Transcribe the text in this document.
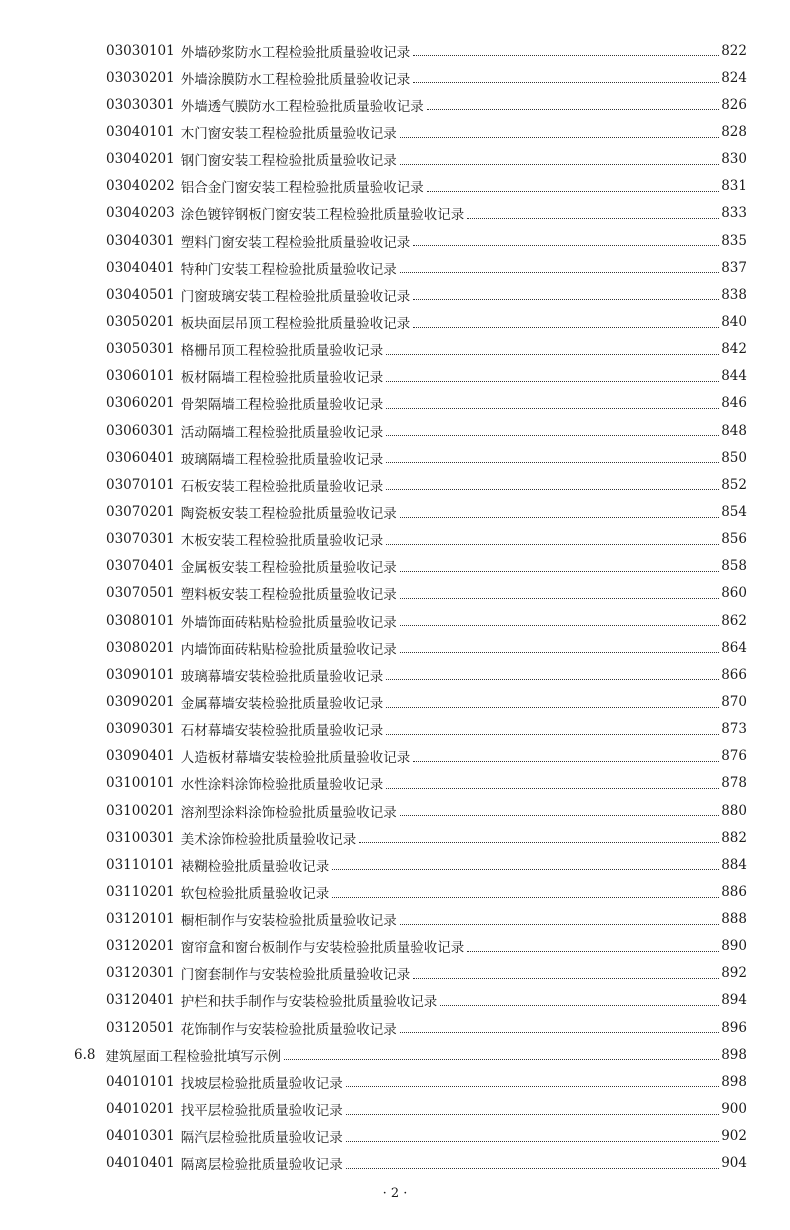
03030101 外墙砂浆防水工程检验批质量验收记录	822
03030201 外墙涂膜防水工程检验批质量验收记录	824
03030301 外墙透气膜防水工程检验批质量验收记录	826
03040101 木门窗安装工程检验批质量验收记录	828
03040201 钢门窗安装工程检验批质量验收记录	830
03040202 铝合金门窗安装工程检验批质量验收记录	831
03040203 涂色镀锌钢板门窗安装工程检验批质量验收记录	833
03040301 塑料门窗安装工程检验批质量验收记录	835
03040401 特种门安装工程检验批质量验收记录	837
03040501 门窗玻璃安装工程检验批质量验收记录	838
03050201 板块面层吊顶工程检验批质量验收记录	840
03050301 格栅吊顶工程检验批质量验收记录	842
03060101 板材隔墙工程检验批质量验收记录	844
03060201 骨架隔墙工程检验批质量验收记录	846
03060301 活动隔墙工程检验批质量验收记录	848
03060401 玻璃隔墙工程检验批质量验收记录	850
03070101 石板安装工程检验批质量验收记录	852
03070201 陶瓷板安装工程检验批质量验收记录	854
03070301 木板安装工程检验批质量验收记录	856
03070401 金属板安装工程检验批质量验收记录	858
03070501 塑料板安装工程检验批质量验收记录	860
03080101 外墙饰面砖粘贴检验批质量验收记录	862
03080201 内墙饰面砖粘贴检验批质量验收记录	864
03090101 玻璃幕墙安装检验批质量验收记录	866
03090201 金属幕墙安装检验批质量验收记录	870
03090301 石材幕墙安装检验批质量验收记录	873
03090401 人造板材幕墙安装检验批质量验收记录	876
03100101 水性涂料涂饰检验批质量验收记录	878
03100201 溶剂型涂料涂饰检验批质量验收记录	880
03100301 美术涂饰检验批质量验收记录	882
03110101 裱糊检验批质量验收记录	884
03110201 软包检验批质量验收记录	886
03120101 橱柜制作与安装检验批质量验收记录	888
03120201 窗帘盒和窗台板制作与安装检验批质量验收记录	890
03120301 门窗套制作与安装检验批质量验收记录	892
03120401 护栏和扶手制作与安装检验批质量验收记录	894
03120501 花饰制作与安装检验批质量验收记录	896
6.8 建筑屋面工程检验批填写示例	898
04010101 找坡层检验批质量验收记录	898
04010201 找平层检验批质量验收记录	900
04010301 隔汽层检验批质量验收记录	902
04010401 隔离层检验批质量验收记录	904
· 2 ·
